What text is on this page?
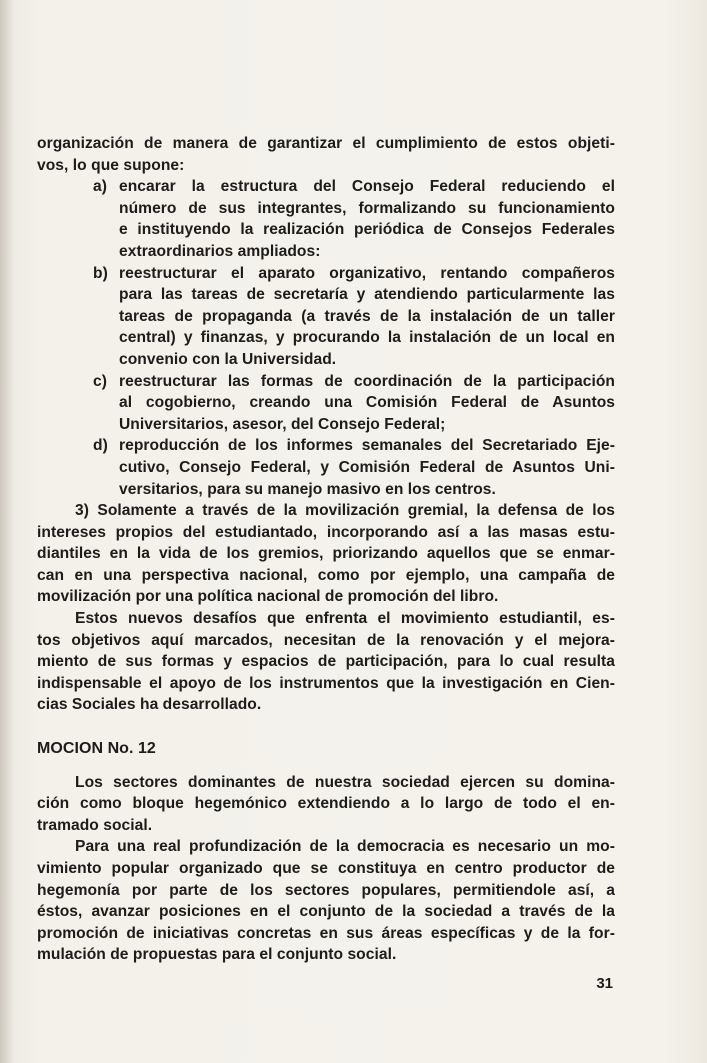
organización de manera de garantizar el cumplimiento de estos objeti-
vos, lo que supone:
a) encarar la estructura del Consejo Federal reduciendo el
número de sus integrantes, formalizando su funcionamiento
e instituyendo la realización periódica de Consejos Federales
extraordinarios ampliados:
b) reestructurar el aparato organizativo, rentando compañeros
para las tareas de secretaría y atendiendo particularmente las
tareas de propaganda (a través de la instalación de un taller
central) y finanzas, y procurando la instalación de un local en
convenio con la Universidad.
c) reestructurar las formas de coordinación de la participación
al cogobierno, creando una Comisión Federal de Asuntos
Universitarios, asesor, del Consejo Federal;
d) reproducción de los informes semanales del Secretariado Eje-
cutivo, Consejo Federal, y Comisión Federal de Asuntos Uni-
versitarios, para su manejo masivo en los centros.
3) Solamente a través de la movilización gremial, la defensa de los
intereses propios del estudiantado, incorporando así a las masas estu-
diantiles en la vida de los gremios, priorizando aquellos que se enmar-
can en una perspectiva nacional, como por ejemplo, una campaña de
movilización por una política nacional de promoción del libro.
Estos nuevos desafíos que enfrenta el movimiento estudiantil, es-
tos objetivos aquí marcados, necesitan de la renovación y el mejora-
miento de sus formas y espacios de participación, para lo cual resulta
indispensable el apoyo de los instrumentos que la investigación en Cien-
cias Sociales ha desarrollado.
MOCION No. 12
Los sectores dominantes de nuestra sociedad ejercen su domina-
ción como bloque hegemónico extendiendo a lo largo de todo el en-
tramado social.
Para una real profundización de la democracia es necesario un mo-
vimiento popular organizado que se constituya en centro productor de
hegemonía por parte de los sectores populares, permitiendole así, a
éstos, avanzar posiciones en el conjunto de la sociedad a través de la
promoción de iniciativas concretas en sus áreas específicas y de la for-
mulación de propuestas para el conjunto social.
31
